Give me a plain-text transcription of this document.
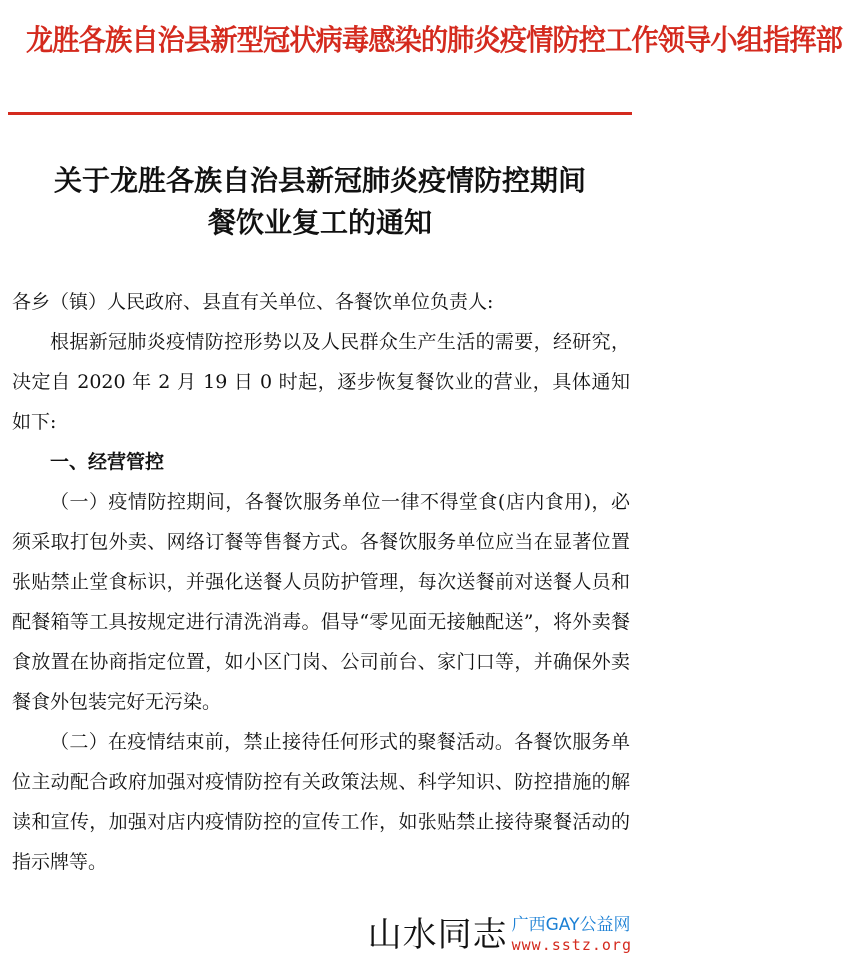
龙胜各族自治县新型冠状病毒感染的肺炎疫情防控工作领导小组指挥部
关于龙胜各族自治县新冠肺炎疫情防控期间
餐饮业复工的通知

各乡（镇）人民政府、县直有关单位、各餐饮单位负责人:

根据新冠肺炎疫情防控形势以及人民群众生产生活的需要，经研究，决定自 2020 年 2 月 19 日 0 时起，逐步恢复餐饮业的营业，具体通知如下:

一、经营管控

（一）疫情防控期间，各餐饮服务单位一律不得堂食(店内食用)，必须采取打包外卖、网络订餐等售餐方式。各餐饮服务单位应当在显著位置张贴禁止堂食标识，并强化送餐人员防护管理，每次送餐前对送餐人员和配餐箱等工具按规定进行清洗消毒。倡导“零见面无接触配送”，将外卖餐食放置在协商指定位置，如小区门岗、公司前台、家门口等，并确保外卖餐食外包装完好无污染。

（二）在疫情结束前，禁止接待任何形式的聚餐活动。各餐饮服务单位主动配合政府加强对疫情防控有关政策法规、科学知识、防控措施的解读和宣传，加强对店内疫情防控的宣传工作，如张贴禁止接待聚餐活动的指示牌等。

山水同志 广西GAY公益网
www.sstz.org
